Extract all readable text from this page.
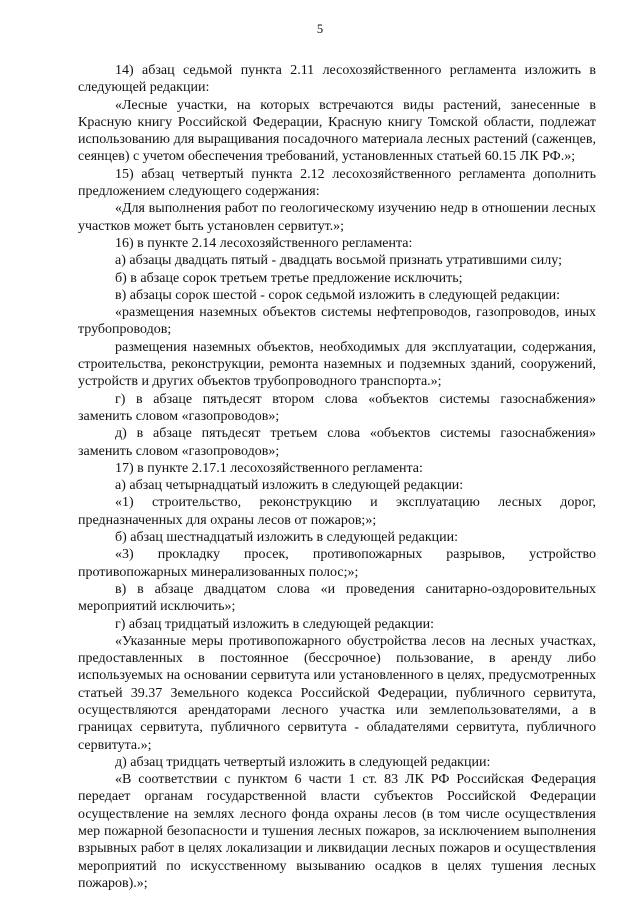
5

14) абзац седьмой пункта 2.11 лесохозяйственного регламента изложить в следующей редакции:

«Лесные участки, на которых встречаются виды растений, занесенные в Красную книгу Российской Федерации, Красную книгу Томской области, подлежат использованию для выращивания посадочного материала лесных растений (саженцев, сеянцев) с учетом обеспечения требований, установленных статьей 60.15 ЛК РФ.»;

15) абзац четвертый пункта 2.12 лесохозяйственного регламента дополнить предложением следующего содержания:

«Для выполнения работ по геологическому изучению недр в отношении лесных участков может быть установлен сервитут.»;

16) в пункте 2.14 лесохозяйственного регламента:

а) абзацы двадцать пятый - двадцать восьмой признать утратившими силу;

б) в абзаце сорок третьем третье предложение исключить;

в) абзацы сорок шестой - сорок седьмой изложить в следующей редакции:

«размещения наземных объектов системы нефтепроводов, газопроводов, иных трубопроводов;

размещения наземных объектов, необходимых для эксплуатации, содержания, строительства, реконструкции, ремонта наземных и подземных зданий, сооружений, устройств и других объектов трубопроводного транспорта.»;

г) в абзаце пятьдесят втором слова «объектов системы газоснабжения» заменить словом «газопроводов»;

д) в абзаце пятьдесят третьем слова «объектов системы газоснабжения» заменить словом «газопроводов»;

17) в пункте 2.17.1 лесохозяйственного регламента:

а) абзац четырнадцатый изложить в следующей редакции:

«1) строительство, реконструкцию и эксплуатацию лесных дорог, предназначенных для охраны лесов от пожаров;»;

б) абзац шестнадцатый изложить в следующей редакции:

«3) прокладку просек, противопожарных разрывов, устройство противопожарных минерализованных полос;»;

в) в абзаце двадцатом слова «и проведения санитарно-оздоровительных мероприятий исключить»;

г) абзац тридцатый изложить в следующей редакции:

«Указанные меры противопожарного обустройства лесов на лесных участках, предоставленных в постоянное (бессрочное) пользование, в аренду либо используемых на основании сервитута или установленного в целях, предусмотренных статьей 39.37 Земельного кодекса Российской Федерации, публичного сервитута, осуществляются арендаторами лесного участка или землепользователями, а в границах сервитута, публичного сервитута - обладателями сервитута, публичного сервитута.»;

д) абзац тридцать четвертый изложить в следующей редакции:

«В соответствии с пунктом 6 части 1 ст. 83 ЛК РФ Российская Федерация передает органам государственной власти субъектов Российской Федерации осуществление на землях лесного фонда охраны лесов (в том числе осуществления мер пожарной безопасности и тушения лесных пожаров, за исключением выполнения взрывных работ в целях локализации и ликвидации лесных пожаров и осуществления мероприятий по искусственному вызыванию осадков в целях тушения лесных пожаров).»;
